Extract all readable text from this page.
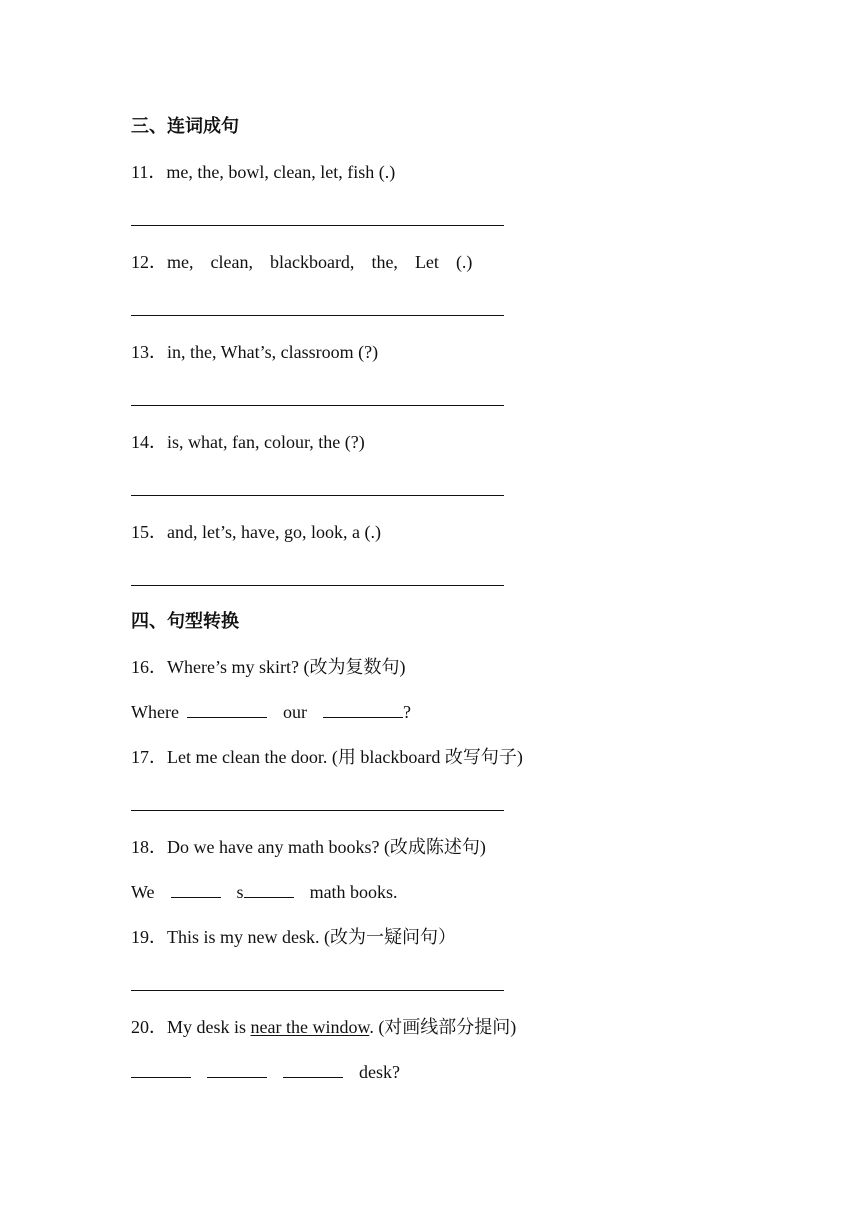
三、连词成句
11．me, the, bowl, clean, let, fish (.)
12．me, clean, blackboard, the, Let (.)
13．in, the, What’s, classroom (?)
14．is, what, fan, colour, the (?)
15．and, let’s, have, go, look, a (.)
四、句型转换
16．Where’s my skirt? (改为复数句)
Where	our	?
17．Let me clean the door. (用 blackboard 改写句子)
18．Do we have any math books? (改成陈述句)
We	s	math books.
19．This is my new desk. (改为一疑问句）
20．My desk is near the window. (对画线部分提问)
desk?
